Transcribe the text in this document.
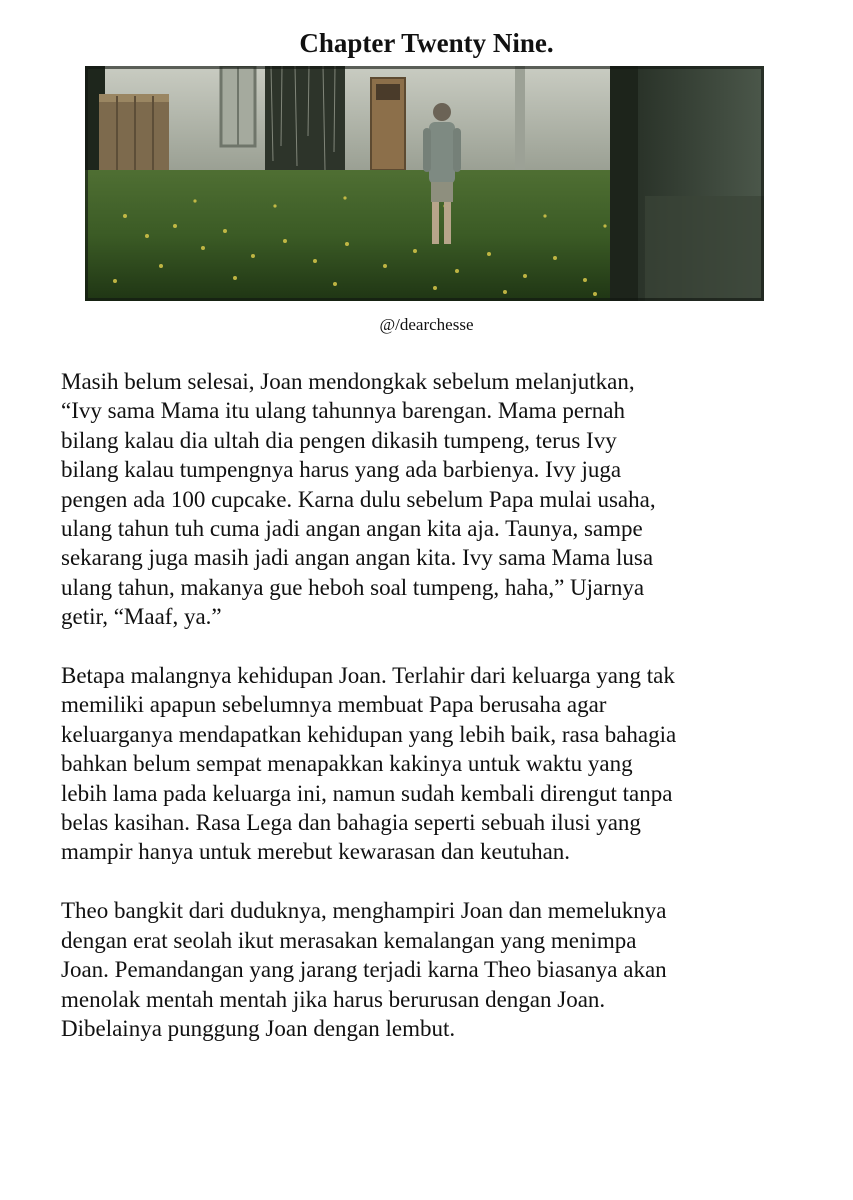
Chapter Twenty Nine.
@/dearchesse

Masih belum selesai, Joan mendongkak sebelum melanjutkan,
“Ivy sama Mama itu ulang tahunnya barengan. Mama pernah
bilang kalau dia ultah dia pengen dikasih tumpeng, terus Ivy
bilang kalau tumpengnya harus yang ada barbienya. Ivy juga
pengen ada 100 cupcake. Karna dulu sebelum Papa mulai usaha,
ulang tahun tuh cuma jadi angan angan kita aja. Taunya, sampe
sekarang juga masih jadi angan angan kita. Ivy sama Mama lusa
ulang tahun, makanya gue heboh soal tumpeng, haha,” Ujarnya
getir, “Maaf, ya.”

Betapa malangnya kehidupan Joan. Terlahir dari keluarga yang tak
memiliki apapun sebelumnya membuat Papa berusaha agar
keluarganya mendapatkan kehidupan yang lebih baik, rasa bahagia
bahkan belum sempat menapakkan kakinya untuk waktu yang
lebih lama pada keluarga ini, namun sudah kembali direngut tanpa
belas kasihan. Rasa Lega dan bahagia seperti sebuah ilusi yang
mampir hanya untuk merebut kewarasan dan keutuhan.

Theo bangkit dari duduknya, menghampiri Joan dan memeluknya
dengan erat seolah ikut merasakan kemalangan yang menimpa
Joan. Pemandangan yang jarang terjadi karna Theo biasanya akan
menolak mentah mentah jika harus berurusan dengan Joan.
Dibelainya punggung Joan dengan lembut.
